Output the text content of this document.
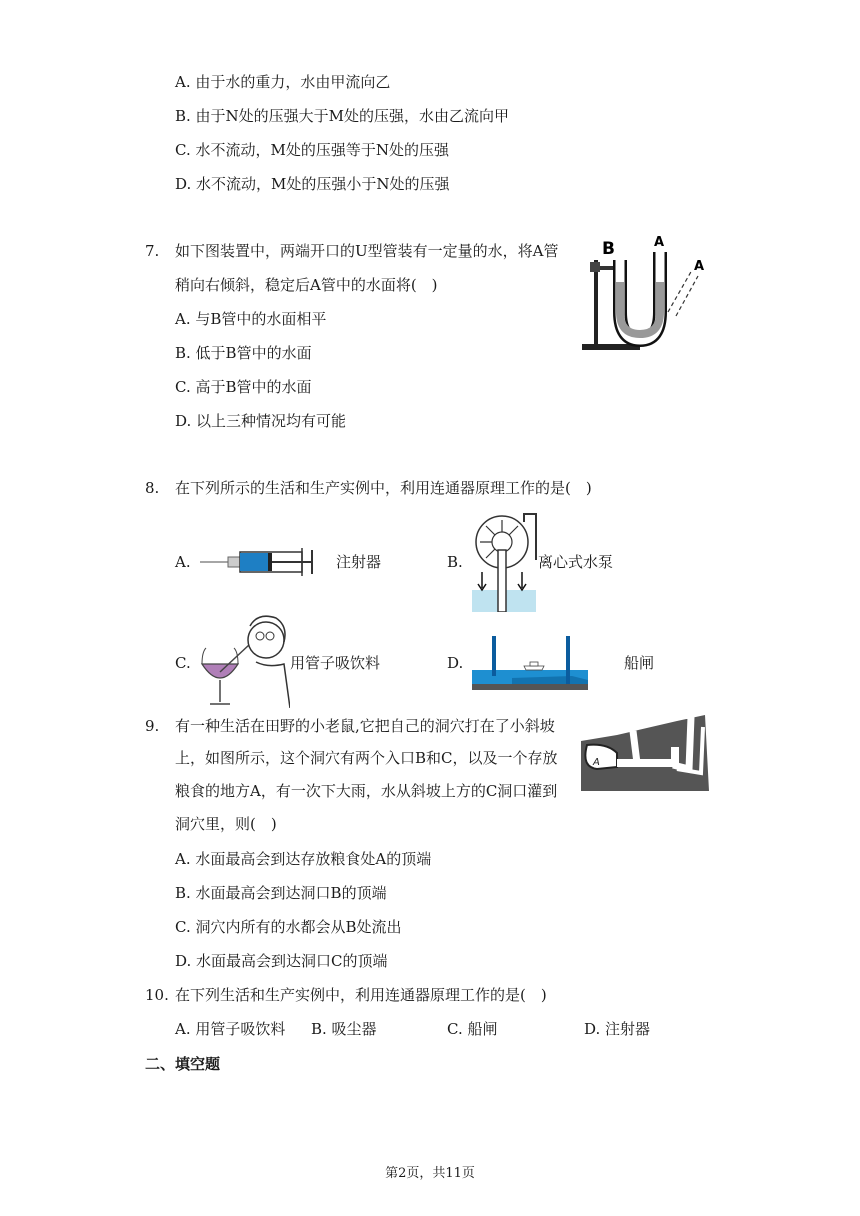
A. 由于水的重力，水由甲流向乙
B. 由于N处的压强大于M处的压强，水由乙流向甲
C. 水不流动，M处的压强等于N处的压强
D. 水不流动，M处的压强小于N处的压强
7. 如下图装置中，两端开口的U型管装有一定量的水，将A管
稍向右倾斜，稳定后A管中的水面将(　)
A. 与B管中的水面相平
B. 低于B管中的水面
C. 高于B管中的水面
D. 以上三种情况均有可能
B	A
A
8. 在下列所示的生活和生产实例中，利用连通器原理工作的是(　)
A.	注射器	B.	离心式水泵
C.	用管子吸饮料	D.	船闸
9. 有一种生活在田野的小老鼠,它把自己的洞穴打在了小斜坡
上，如图所示，这个洞穴有两个入口B和C，以及一个存放
粮食的地方A，有一次下大雨，水从斜坡上方的C洞口灌到
洞穴里，则(　)
A. 水面最高会到达存放粮食处A的顶端
B. 水面最高会到达洞口B的顶端
C. 洞穴内所有的水都会从B处流出
D. 水面最高会到达洞口C的顶端
A
B
C
10. 在下列生活和生产实例中，利用连通器原理工作的是(　)
A. 用管子吸饮料 B. 吸尘器	C. 船闸	D. 注射器
二、填空题
第2页，共11页
